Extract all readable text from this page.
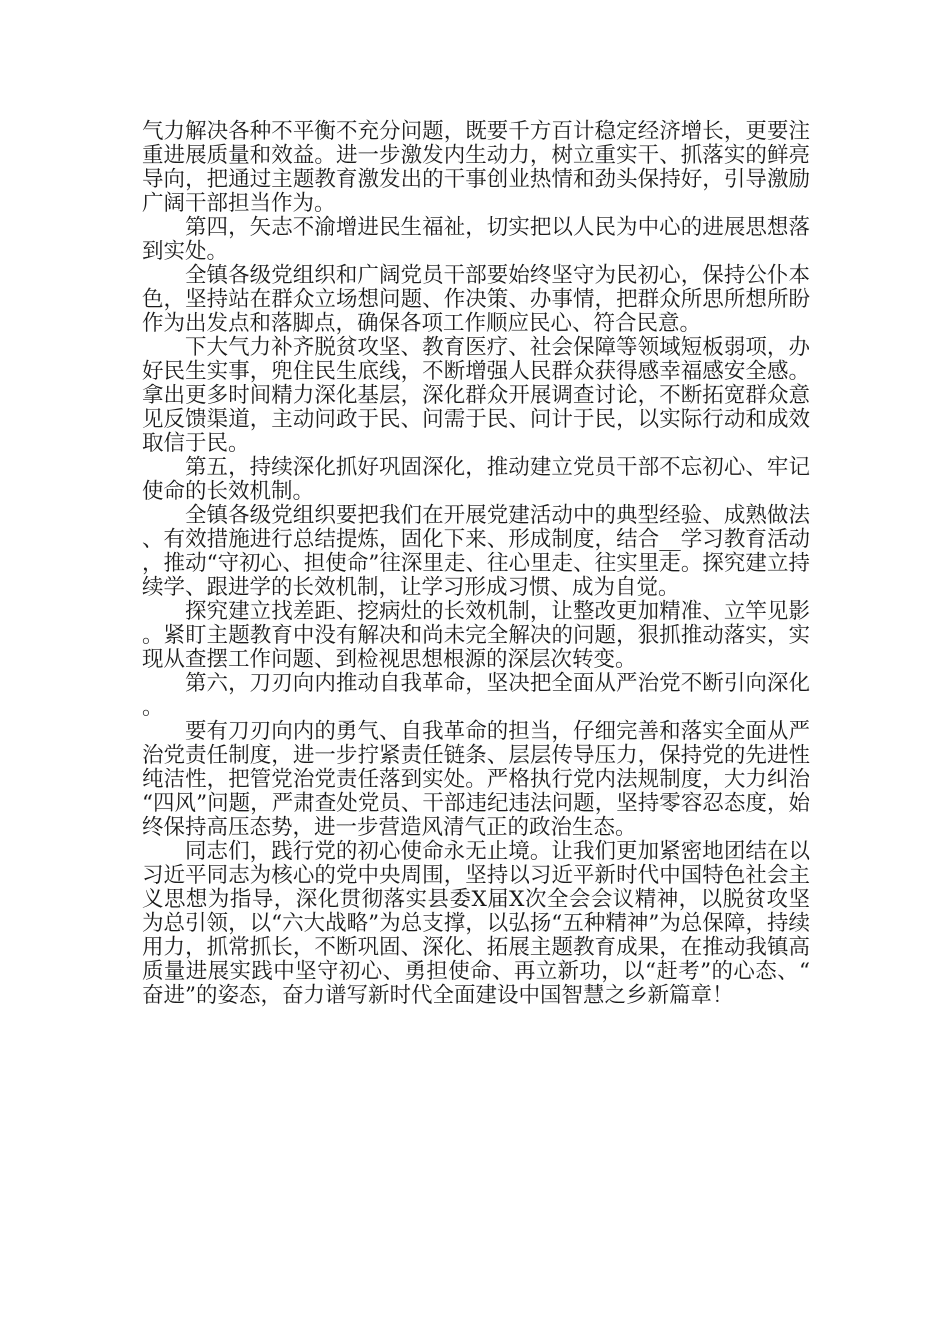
气力解决各种不平衡不充分问题，既要千方百计稳定经济增长，更要注重进展质量和效益。进一步激发内生动力，树立重实干、抓落实的鲜亮导向，把通过主题教育激发出的干事创业热情和劲头保持好，引导激励广阔干部担当作为。

第四，矢志不渝增进民生福祉，切实把以人民为中心的进展思想落到实处。

全镇各级党组织和广阔党员干部要始终坚守为民初心，保持公仆本色，坚持站在群众立场想问题、作决策、办事情，把群众所思所想所盼作为出发点和落脚点，确保各项工作顺应民心、符合民意。

下大气力补齐脱贫攻坚、教育医疗、社会保障等领域短板弱项，办好民生实事，兜住民生底线，不断增强人民群众获得感幸福感安全感。拿出更多时间精力深化基层，深化群众开展调查讨论，不断拓宽群众意见反馈渠道，主动问政于民、问需于民、问计于民，以实际行动和成效取信于民。

第五，持续深化抓好巩固深化，推动建立党员干部不忘初心、牢记使命的长效机制。

全镇各级党组织要把我们在开展党建活动中的典型经验、成熟做法、有效措施进行总结提炼，固化下来、形成制度，结合__学习教育活动，推动“守初心、担使命”往深里走、往心里走、往实里走。探究建立持续学、跟进学的长效机制，让学习形成习惯、成为自觉。

探究建立找差距、挖病灶的长效机制，让整改更加精准、立竿见影。紧盯主题教育中没有解决和尚未完全解决的问题，狠抓推动落实，实现从查摆工作问题、到检视思想根源的深层次转变。

第六，刀刃向内推动自我革命，坚决把全面从严治党不断引向深化。

要有刀刃向内的勇气、自我革命的担当，仔细完善和落实全面从严治党责任制度，进一步拧紧责任链条、层层传导压力，保持党的先进性纯洁性，把管党治党责任落到实处。严格执行党内法规制度，大力纠治“四风”问题，严肃查处党员、干部违纪违法问题，坚持零容忍态度，始终保持高压态势，进一步营造风清气正的政治生态。

同志们，践行党的初心使命永无止境。让我们更加紧密地团结在以习近平同志为核心的党中央周围，坚持以习近平新时代中国特色社会主义思想为指导，深化贯彻落实县委X届X次全会会议精神，以脱贫攻坚为总引领，以“六大战略”为总支撑，以弘扬“五种精神”为总保障，持续用力，抓常抓长，不断巩固、深化、拓展主题教育成果，在推动我镇高质量进展实践中坚守初心、勇担使命、再立新功，以“赶考”的心态、“奋进”的姿态，奋力谱写新时代全面建设中国智慧之乡新篇章！
